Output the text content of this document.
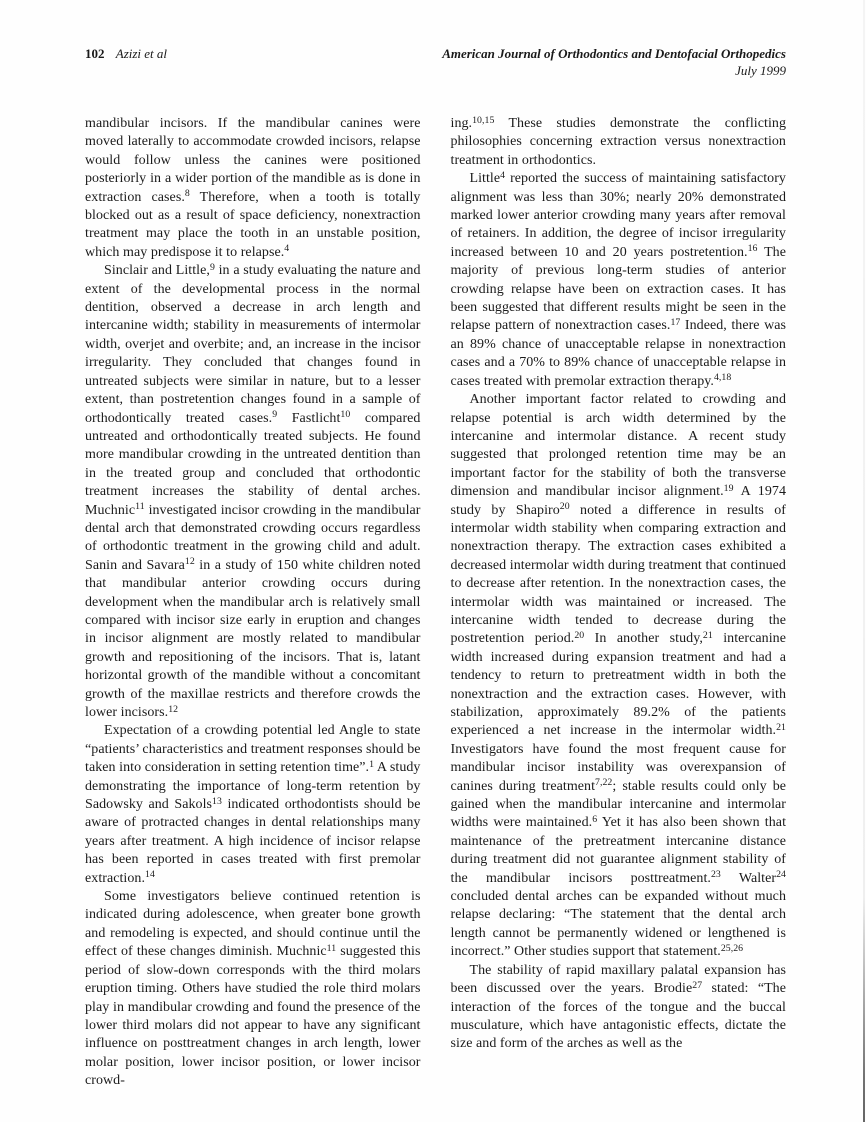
102 Azizi et al	American Journal of Orthodontics and Dentofacial Orthopedics
July 1999

mandibular incisors. If the mandibular canines were moved laterally to accommodate crowded incisors, relapse would follow unless the canines were positioned posteriorly in a wider portion of the mandible as is done in extraction cases.$^8$ Therefore, when a tooth is totally blocked out as a result of space deficiency, nonextraction treatment may place the tooth in an unstable position, which may predispose it to relapse.$^4$

Sinclair and Little,$^9$ in a study evaluating the nature and extent of the developmental process in the normal dentition, observed a decrease in arch length and intercanine width; stability in measurements of intermolar width, overjet and overbite; and, an increase in the incisor irregularity. They concluded that changes found in untreated subjects were similar in nature, but to a lesser extent, than postretention changes found in a sample of orthodontically treated cases.$^9$ Fastlicht$^{10}$ compared untreated and orthodontically treated subjects. He found more mandibular crowding in the untreated dentition than in the treated group and concluded that orthodontic treatment increases the stability of dental arches. Muchnic$^{11}$ investigated incisor crowding in the mandibular dental arch that demonstrated crowding occurs regardless of orthodontic treatment in the growing child and adult. Sanin and Savara$^{12}$ in a study of 150 white children noted that mandibular anterior crowding occurs during development when the mandibular arch is relatively small compared with incisor size early in eruption and changes in incisor alignment are mostly related to mandibular growth and repositioning of the incisors. That is, latant horizontal growth of the mandible without a concomitant growth of the maxillae restricts and therefore crowds the lower incisors.$^{12}$

Expectation of a crowding potential led Angle to state “patients’ characteristics and treatment responses should be taken into consideration in setting retention time”.$^1$ A study demonstrating the importance of long-term retention by Sadowsky and Sakols$^{13}$ indicated orthodontists should be aware of protracted changes in dental relationships many years after treatment. A high incidence of incisor relapse has been reported in cases treated with first premolar extraction.$^{14}$

Some investigators believe continued retention is indicated during adolescence, when greater bone growth and remodeling is expected, and should continue until the effect of these changes diminish. Muchnic$^{11}$ suggested this period of slow-down corresponds with the third molars eruption timing. Others have studied the role third molars play in mandibular crowding and found the presence of the lower third molars did not appear to have any significant influence on posttreatment changes in arch length, lower molar position, lower incisor position, or lower incisor crowd-

ing.$^{10,15}$ These studies demonstrate the conflicting philosophies concerning extraction versus nonextraction treatment in orthodontics.

Little$^4$ reported the success of maintaining satisfactory alignment was less than 30%; nearly 20% demonstrated marked lower anterior crowding many years after removal of retainers. In addition, the degree of incisor irregularity increased between 10 and 20 years postretention.$^{16}$ The majority of previous long-term studies of anterior crowding relapse have been on extraction cases. It has been suggested that different results might be seen in the relapse pattern of nonextraction cases.$^{17}$ Indeed, there was an 89% chance of unacceptable relapse in nonextraction cases and a 70% to 89% chance of unacceptable relapse in cases treated with premolar extraction therapy.$^{4,18}$

Another important factor related to crowding and relapse potential is arch width determined by the intercanine and intermolar distance. A recent study suggested that prolonged retention time may be an important factor for the stability of both the transverse dimension and mandibular incisor alignment.$^{19}$ A 1974 study by Shapiro$^{20}$ noted a difference in results of intermolar width stability when comparing extraction and nonextraction therapy. The extraction cases exhibited a decreased intermolar width during treatment that continued to decrease after retention. In the nonextraction cases, the intermolar width was maintained or increased. The intercanine width tended to decrease during the postretention period.$^{20}$ In another study,$^{21}$ intercanine width increased during expansion treatment and had a tendency to return to pretreatment width in both the nonextraction and the extraction cases. However, with stabilization, approximately 89.2% of the patients experienced a net increase in the intermolar width.$^{21}$ Investigators have found the most frequent cause for mandibular incisor instability was overexpansion of canines during treatment$^{7,22}$; stable results could only be gained when the mandibular intercanine and intermolar widths were maintained.$^6$ Yet it has also been shown that maintenance of the pretreatment intercanine distance during treatment did not guarantee alignment stability of the mandibular incisors posttreatment.$^{23}$ Walter$^{24}$ concluded dental arches can be expanded without much relapse declaring: “The statement that the dental arch length cannot be permanently widened or lengthened is incorrect.” Other studies support that statement.$^{25,26}$

The stability of rapid maxillary palatal expansion has been discussed over the years. Brodie$^{27}$ stated: “The interaction of the forces of the tongue and the buccal musculature, which have antagonistic effects, dictate the size and form of the arches as well as the
